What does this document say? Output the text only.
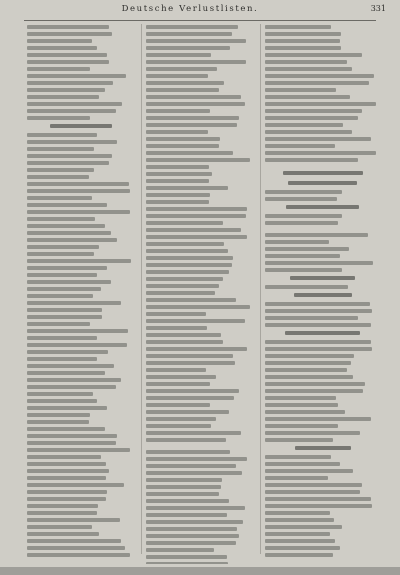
Deutsche Verlustlisten.	331
